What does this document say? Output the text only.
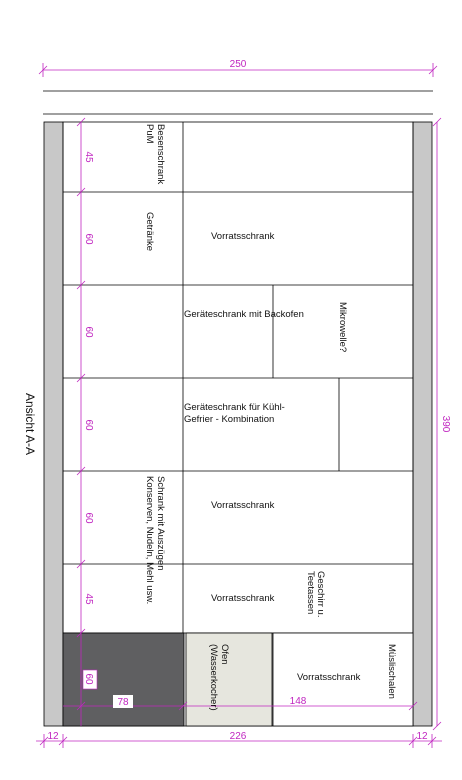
250
45
60
60
60
60
45
60
78	148
390
12	226	12
Ansicht A-A
Besenschrank
PuM
Getränke	Vorratsschrank
Geräteschrank mit Backofen	Mikrowelle?
Geräteschrank für Kühl-
Gefrier - Kombination
Schrank mit Auszügen
Konserven, Nudeln, Mehl usw.	Vorratsschrank
Vorratsschrank	Geschirr u.
Teetassen
Ofen
(Wasserkocher)	Vorratsschrank	Müslischalen
